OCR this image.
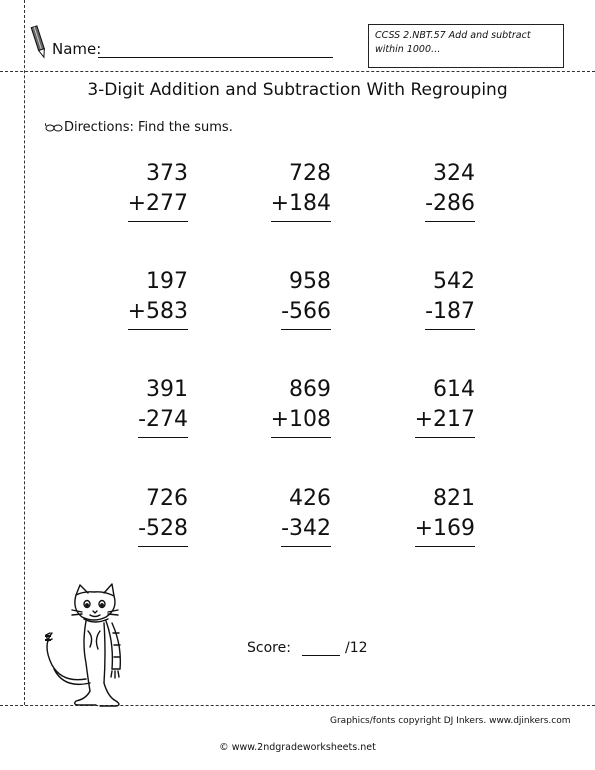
Name:
CCSS 2.NBT.57 Add and subtract within 1000…
3-Digit Addition and Subtraction With Regrouping
Directions: Find the sums.
373
+277
728
+184
324
-286
197
+583
958
-566
542
-187
391
-274
869
+108
614
+217
726
-528
426
-342
821
+169
Score:	/12
Graphics/fonts copyright DJ Inkers. www.djinkers.com
© www.2ndgradeworksheets.net
